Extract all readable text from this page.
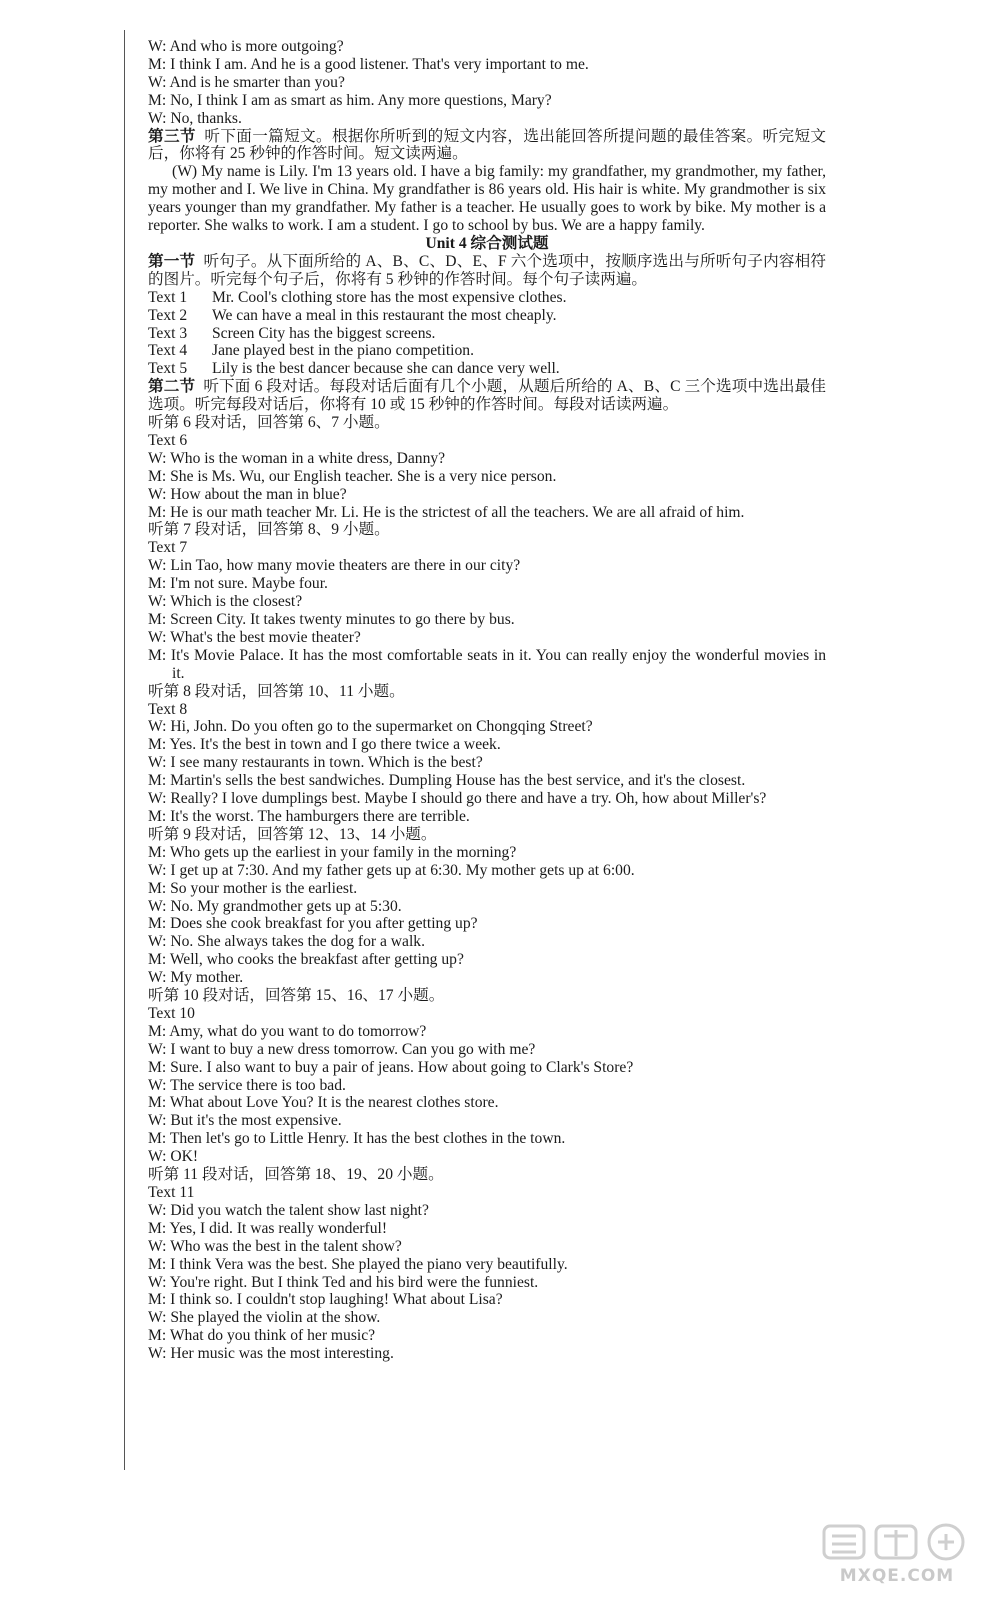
W: And who is more outgoing?
M: I think I am. And he is a good listener. That's very important to me.
W: And is he smarter than you?
M: No, I think I am as smart as him. Any more questions, Mary?
W: No, thanks.
第三节 听下面一篇短文。根据你所听到的短文内容，选出能回答所提问题的最佳答案。听完短文后，你将有 25 秒钟的作答时间。短文读两遍。
(W) My name is Lily. I'm 13 years old. I have a big family: my grandfather, my grandmother, my father, my mother and I. We live in China. My grandfather is 86 years old. His hair is white. My grandmother is six years younger than my grandfather. My father is a teacher. He usually goes to work by bike. My mother is a reporter. She walks to work. I am a student. I go to school by bus. We are a happy family.
Unit 4 综合测试题
第一节 听句子。从下面所给的 A、B、C、D、E、F 六个选项中，按顺序选出与所听句子内容相符的图片。听完每个句子后，你将有 5 秒钟的作答时间。每个句子读两遍。
Text 1 Mr. Cool's clothing store has the most expensive clothes.
Text 2 We can have a meal in this restaurant the most cheaply.
Text 3 Screen City has the biggest screens.
Text 4 Jane played best in the piano competition.
Text 5 Lily is the best dancer because she can dance very well.
第二节 听下面 6 段对话。每段对话后面有几个小题，从题后所给的 A、B、C 三个选项中选出最佳选项。听完每段对话后，你将有 10 或 15 秒钟的作答时间。每段对话读两遍。
听第 6 段对话，回答第 6、7 小题。
Text 6
W: Who is the woman in a white dress, Danny?
M: She is Ms. Wu, our English teacher. She is a very nice person.
W: How about the man in blue?
M: He is our math teacher Mr. Li. He is the strictest of all the teachers. We are all afraid of him.
听第 7 段对话，回答第 8、9 小题。
Text 7
W: Lin Tao, how many movie theaters are there in our city?
M: I'm not sure. Maybe four.
W: Which is the closest?
M: Screen City. It takes twenty minutes to go there by bus.
W: What's the best movie theater?
M: It's Movie Palace. It has the most comfortable seats in it. You can really enjoy the wonderful movies in it.
听第 8 段对话，回答第 10、11 小题。
Text 8
W: Hi, John. Do you often go to the supermarket on Chongqing Street?
M: Yes. It's the best in town and I go there twice a week.
W: I see many restaurants in town. Which is the best?
M: Martin's sells the best sandwiches. Dumpling House has the best service, and it's the closest.
W: Really? I love dumplings best. Maybe I should go there and have a try. Oh, how about Miller's?
M: It's the worst. The hamburgers there are terrible.
听第 9 段对话，回答第 12、13、14 小题。
M: Who gets up the earliest in your family in the morning?
W: I get up at 7:30. And my father gets up at 6:30. My mother gets up at 6:00.
M: So your mother is the earliest.
W: No. My grandmother gets up at 5:30.
M: Does she cook breakfast for you after getting up?
W: No. She always takes the dog for a walk.
M: Well, who cooks the breakfast after getting up?
W: My mother.
听第 10 段对话，回答第 15、16、17 小题。
Text 10
M: Amy, what do you want to do tomorrow?
W: I want to buy a new dress tomorrow. Can you go with me?
M: Sure. I also want to buy a pair of jeans. How about going to Clark's Store?
W: The service there is too bad.
M: What about Love You? It is the nearest clothes store.
W: But it's the most expensive.
M: Then let's go to Little Henry. It has the best clothes in the town.
W: OK!
听第 11 段对话，回答第 18、19、20 小题。
Text 11
W: Did you watch the talent show last night?
M: Yes, I did. It was really wonderful!
W: Who was the best in the talent show?
M: I think Vera was the best. She played the piano very beautifully.
W: You're right. But I think Ted and his bird were the funniest.
M: I think so. I couldn't stop laughing! What about Lisa?
W: She played the violin at the show.
M: What do you think of her music?
W: Her music was the most interesting.
MXQE.COM
